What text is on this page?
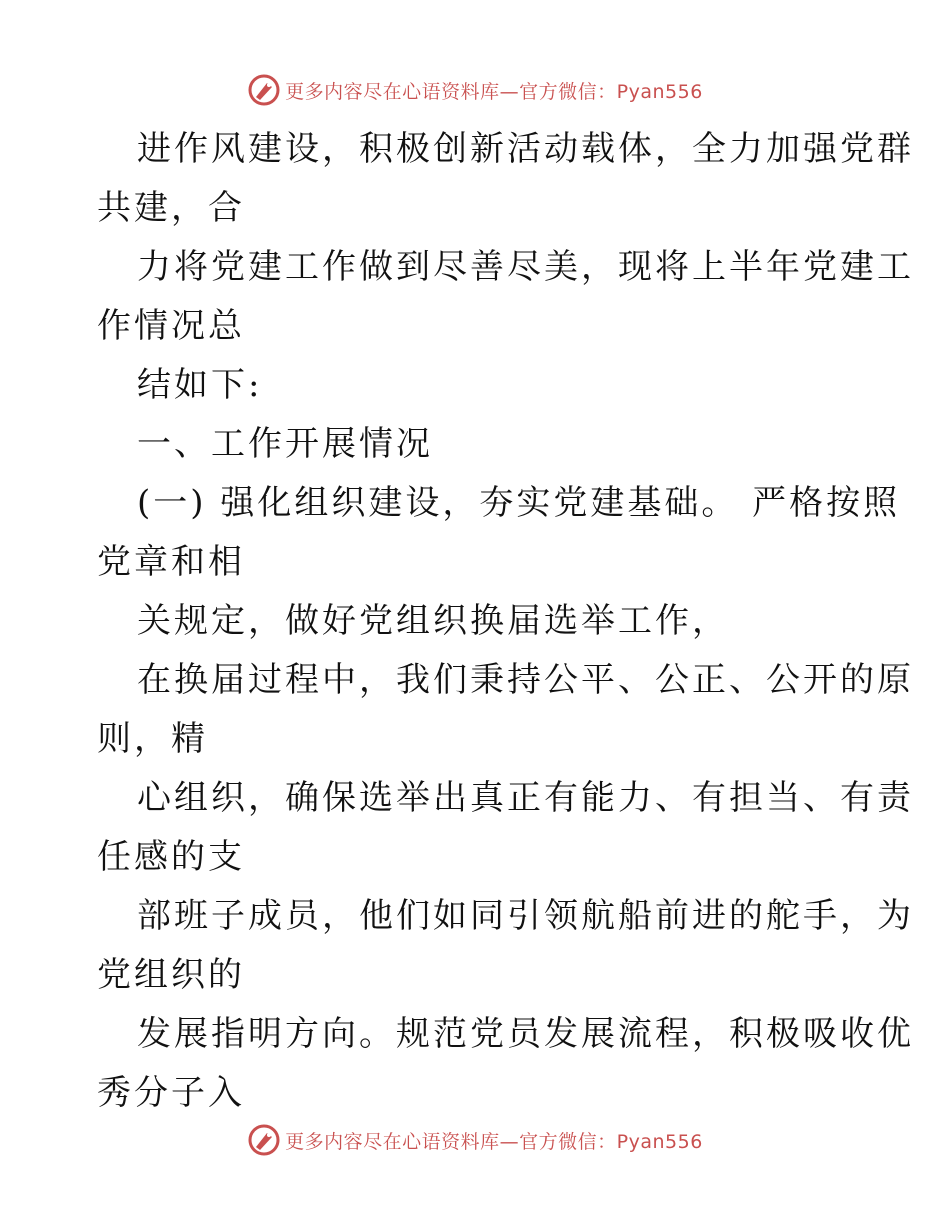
更多内容尽在心语资料库—官方微信：Pyan556
进作风建设，积极创新活动载体，全力加强党群
共建，合
力将党建工作做到尽善尽美，现将上半年党建工
作情况总
结如下:
一、工作开展情况
(一) 强化组织建设，夯实党建基础。 严格按照
党章和相
关规定，做好党组织换届选举工作，
在换届过程中，我们秉持公平、公正、公开的原
则，精
心组织，确保选举出真正有能力、有担当、有责
任感的支
部班子成员，他们如同引领航船前进的舵手，为
党组织的
发展指明方向。规范党员发展流程，积极吸收优
秀分子入
更多内容尽在心语资料库—官方微信：Pyan556
